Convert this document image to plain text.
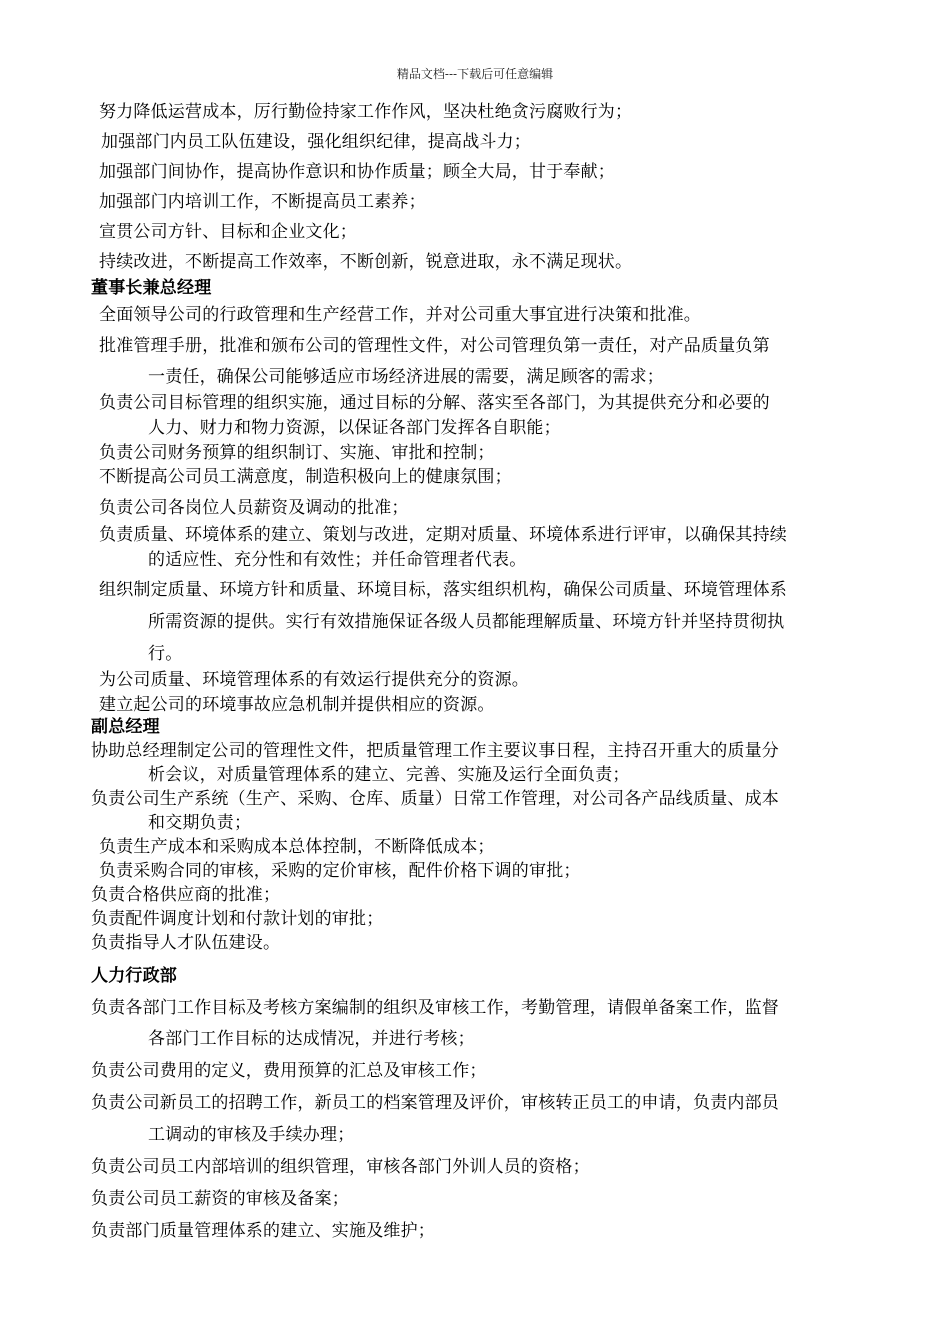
精品文档---下载后可任意编辑
努力降低运营成本，厉行勤俭持家工作作风，坚决杜绝贪污腐败行为；
加强部门内员工队伍建设，强化组织纪律，提高战斗力；
加强部门间协作，提高协作意识和协作质量；顾全大局，甘于奉献；
加强部门内培训工作，不断提高员工素养；
宣贯公司方针、目标和企业文化；
持续改进，不断提高工作效率，不断创新，锐意进取，永不满足现状。
董事长兼总经理
全面领导公司的行政管理和生产经营工作，并对公司重大事宜进行决策和批准。
批准管理手册，批准和颁布公司的管理性文件，对公司管理负第一责任，对产品质量负第
一责任，确保公司能够适应市场经济进展的需要，满足顾客的需求；
负责公司目标管理的组织实施，通过目标的分解、落实至各部门，为其提供充分和必要的
人力、财力和物力资源，以保证各部门发挥各自职能；
负责公司财务预算的组织制订、实施、审批和控制；
不断提高公司员工满意度，制造积极向上的健康氛围；
负责公司各岗位人员薪资及调动的批准；
负责质量、环境体系的建立、策划与改进，定期对质量、环境体系进行评审，以确保其持续
的适应性、充分性和有效性；并任命管理者代表。
组织制定质量、环境方针和质量、环境目标，落实组织机构，确保公司质量、环境管理体系
所需资源的提供。实行有效措施保证各级人员都能理解质量、环境方针并坚持贯彻执
行。
为公司质量、环境管理体系的有效运行提供充分的资源。
建立起公司的环境事故应急机制并提供相应的资源。
副总经理
协助总经理制定公司的管理性文件，把质量管理工作主要议事日程，主持召开重大的质量分
析会议，对质量管理体系的建立、完善、实施及运行全面负责；
负责公司生产系统（生产、采购、仓库、质量）日常工作管理，对公司各产品线质量、成本
和交期负责；
负责生产成本和采购成本总体控制，不断降低成本；
负责采购合同的审核，采购的定价审核，配件价格下调的审批；
负责合格供应商的批准；
负责配件调度计划和付款计划的审批；
负责指导人才队伍建设。
人力行政部
负责各部门工作目标及考核方案编制的组织及审核工作，考勤管理，请假单备案工作，监督
各部门工作目标的达成情况，并进行考核；
负责公司费用的定义，费用预算的汇总及审核工作；
负责公司新员工的招聘工作，新员工的档案管理及评价，审核转正员工的申请，负责内部员
工调动的审核及手续办理；
负责公司员工内部培训的组织管理，审核各部门外训人员的资格；
负责公司员工薪资的审核及备案；
负责部门质量管理体系的建立、实施及维护；
